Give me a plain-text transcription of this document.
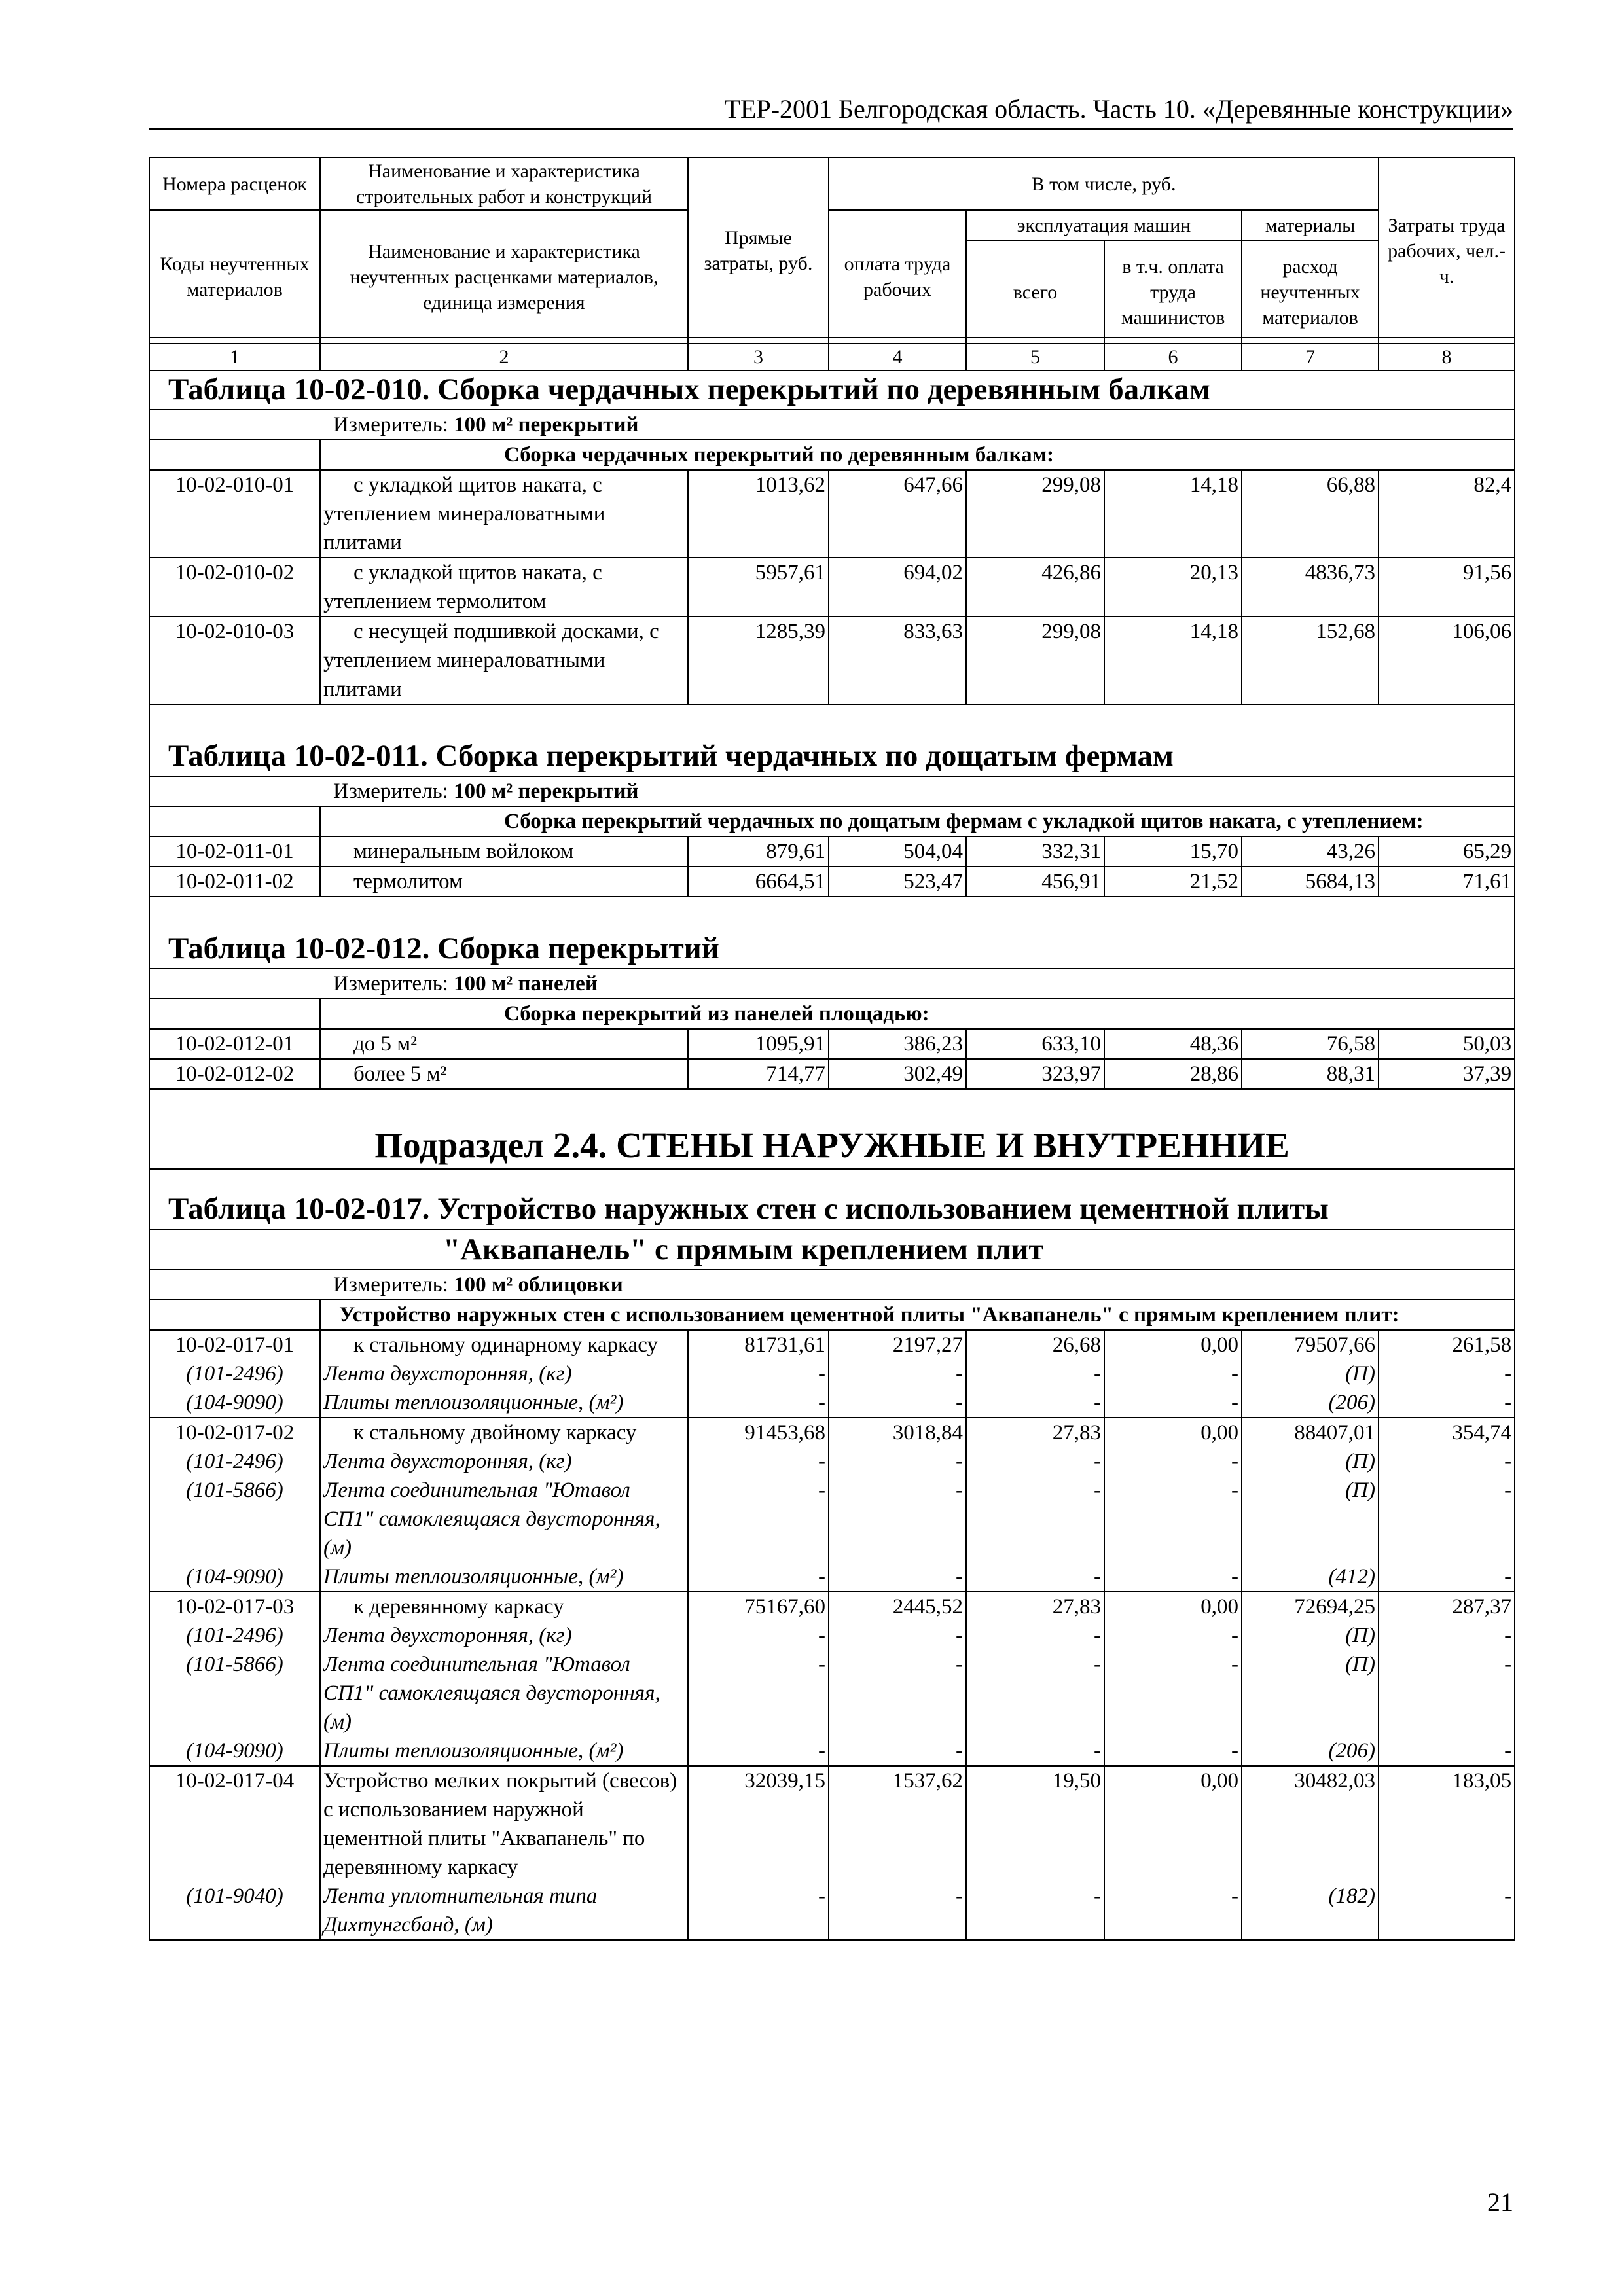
ТЕР-2001 Белгородская область. Часть 10. «Деревянные конструкции»
Номера расценок	Наименование и характеристика строительных работ и конструкций	Прямые затраты, руб.	В том числе, руб.				Затраты труда рабочих, чел.-ч.
Коды неучтенных материалов	Наименование и характеристика неучтенных расценками материалов, единица измерения		оплата труда рабочих	эксплуатация машин		материалы	
				всего	в т.ч. оплата труда машинистов	расход неучтенных материалов	
1	2	3	4	5	6	7	8
Таблица 10-02-010. Сборка чердачных перекрытий по деревянным балкам							
Измеритель: 100 м² перекрытий							
	Сборка чердачных перекрытий по деревянным балкам:						
10-02-010-01	с укладкой щитов наката, с утеплением минераловатными плитами	1013,62	647,66	299,08	14,18	66,88	82,4
10-02-010-02	с укладкой щитов наката, с утеплением термолитом	5957,61	694,02	426,86	20,13	4836,73	91,56
10-02-010-03	с несущей подшивкой досками, с утеплением минераловатными плитами	1285,39	833,63	299,08	14,18	152,68	106,06
Таблица 10-02-011. Сборка перекрытий чердачных по дощатым фермам							
Измеритель: 100 м² перекрытий							
	Сборка перекрытий чердачных по дощатым фермам с укладкой щитов наката, с утеплением:						
10-02-011-01	минеральным войлоком	879,61	504,04	332,31	15,70	43,26	65,29
10-02-011-02	термолитом	6664,51	523,47	456,91	21,52	5684,13	71,61
Таблица 10-02-012. Сборка перекрытий							
Измеритель: 100 м² панелей							
	Сборка перекрытий из панелей площадью:						
10-02-012-01	до 5 м²	1095,91	386,23	633,10	48,36	76,58	50,03
10-02-012-02	более 5 м²	714,77	302,49	323,97	28,86	88,31	37,39
Подраздел 2.4. СТЕНЫ НАРУЖНЫЕ И ВНУТРЕННИЕ							
Таблица 10-02-017. Устройство наружных стен с использованием цементной плиты							
"Аквапанель" с прямым креплением плит							
Измеритель: 100 м² облицовки							
	Устройство наружных стен с использованием цементной плиты "Аквапанель" с прямым креплением плит:						
10-02-017-01	к стальному одинарному каркасу	81731,61	2197,27	26,68	0,00	79507,66	261,58
(101-2496)	Лента двухсторонняя, (кг)	-	-	-	-	(П)	-
(104-9090)	Плиты теплоизоляционные, (м²)	-	-	-	-	(206)	-
10-02-017-02	к стальному двойному каркасу	91453,68	3018,84	27,83	0,00	88407,01	354,74
(101-2496)	Лента двухсторонняя, (кг)	-	-	-	-	(П)	-
(101-5866)	Лента соединительная "Ютавол СП1" самоклеящаяся двусторонняя, (м)	-	-	-	-	(П)	-
(104-9090)	Плиты теплоизоляционные, (м²)	-	-	-	-	(412)	-
10-02-017-03	к деревянному каркасу	75167,60	2445,52	27,83	0,00	72694,25	287,37
(101-2496)	Лента двухсторонняя, (кг)	-	-	-	-	(П)	-
(101-5866)	Лента соединительная "Ютавол СП1" самоклеящаяся двусторонняя, (м)	-	-	-	-	(П)	-
(104-9090)	Плиты теплоизоляционные, (м²)	-	-	-	-	(206)	-
10-02-017-04	Устройство мелких покрытий (свесов) с использованием наружной цементной плиты "Аквапанель" по деревянному каркасу	32039,15	1537,62	19,50	0,00	30482,03	183,05
(101-9040)	Лента уплотнительная типа Дихтунгсбанд, (м)	-	-	-	-	(182)	-
21
